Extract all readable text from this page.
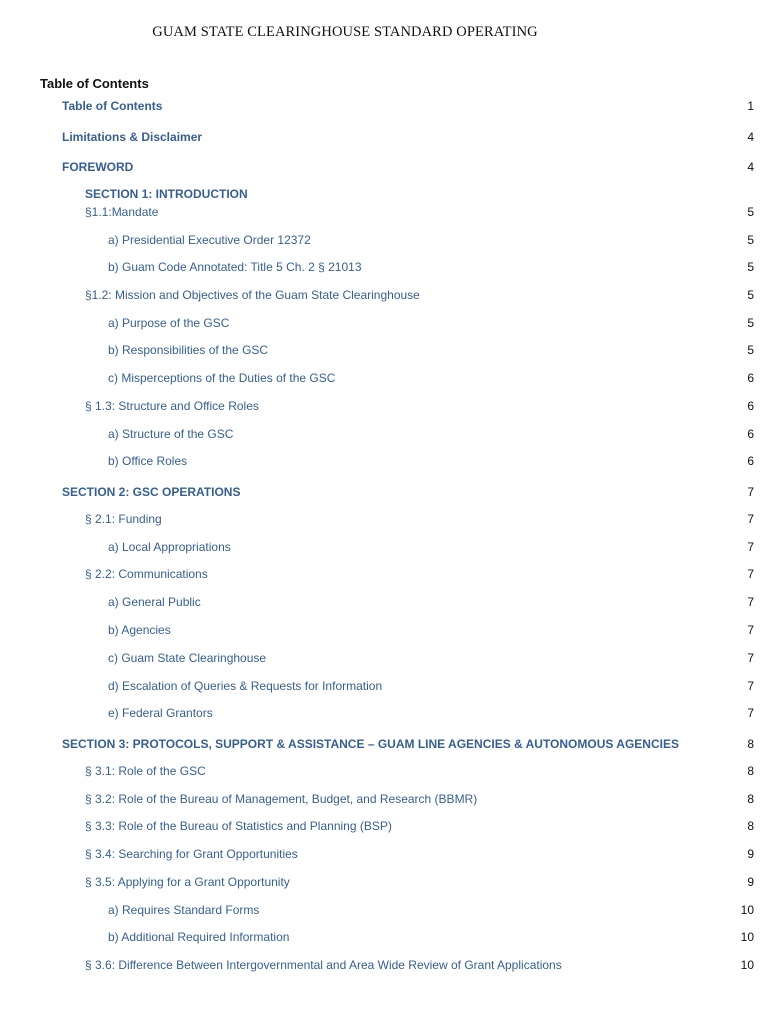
GUAM STATE CLEARINGHOUSE STANDARD OPERATING
Table of Contents
Table of Contents	1
Limitations & Disclaimer	4
FOREWORD	4
SECTION 1: INTRODUCTION
§1.1:Mandate	5
a) Presidential Executive Order 12372	5
b) Guam Code Annotated: Title 5 Ch. 2 § 21013	5
§1.2: Mission and Objectives of the Guam State Clearinghouse	5
a) Purpose of the GSC	5
b) Responsibilities of the GSC	5
c) Misperceptions of the Duties of the GSC	6
§ 1.3: Structure and Office Roles	6
a) Structure of the GSC	6
b) Office Roles	6
SECTION 2: GSC OPERATIONS	7
§ 2.1: Funding	7
a) Local Appropriations	7
§ 2.2: Communications	7
a) General Public	7
b) Agencies	7
c) Guam State Clearinghouse	7
d) Escalation of Queries & Requests for Information	7
e) Federal Grantors	7
SECTION 3: PROTOCOLS, SUPPORT & ASSISTANCE – GUAM LINE AGENCIES & AUTONOMOUS AGENCIES	8
§ 3.1: Role of the GSC	8
§ 3.2: Role of the Bureau of Management, Budget, and Research (BBMR)	8
§ 3.3: Role of the Bureau of Statistics and Planning (BSP)	8
§ 3.4: Searching for Grant Opportunities	9
§ 3.5: Applying for a Grant Opportunity	9
a) Requires Standard Forms	10
b) Additional Required Information	10
§ 3.6: Difference Between Intergovernmental and Area Wide Review of Grant Applications	10
